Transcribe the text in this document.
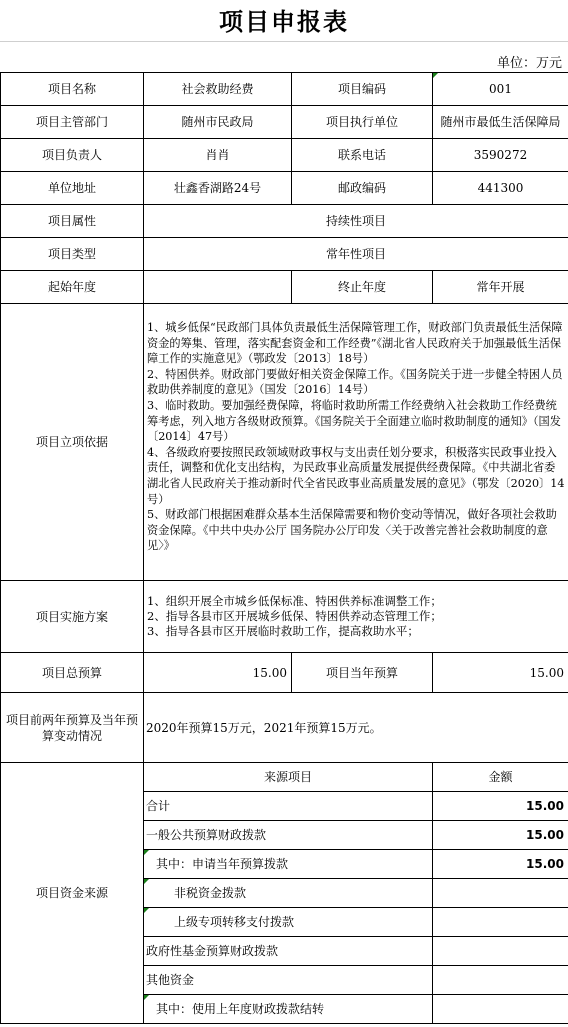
项目申报表
单位：万元
项目名称	社会救助经费	项目编码	001
项目主管部门	随州市民政局	项目执行单位	随州市最低生活保障局
项目负责人	肖肖	联系电话	3590272
单位地址	壮鑫香湖路24号	邮政编码	441300
项目属性	持续性项目		
项目类型	常年性项目		
起始年度		终止年度	常年开展
项目立项依据	1、城乡低保“民政部门具体负责最低生活保障管理工作，财政部门负责最低生活保障资金的筹集、管理，落实配套资金和工作经费”《湖北省人民政府关于加强最低生活保障工作的实施意见》（鄂政发〔2013〕18号）
2、特困供养。财政部门要做好相关资金保障工作。《国务院关于进一步健全特困人员救助供养制度的意见》（国发〔2016〕14号）
3、临时救助。要加强经费保障，将临时救助所需工作经费纳入社会救助工作经费统筹考虑，列入地方各级财政预算。《国务院关于全面建立临时救助制度的通知》（国发〔2014〕47号）
4、各级政府要按照民政领域财政事权与支出责任划分要求，积极落实民政事业投入责任，调整和优化支出结构，为民政事业高质量发展提供经费保障。《中共湖北省委 湖北省人民政府关于推动新时代全省民政事业高质量发展的意见》（鄂发〔2020〕14号）
5、财政部门根据困难群众基本生活保障需要和物价变动等情况，做好各项社会救助资金保障。《中共中央办公厅 国务院办公厅印发〈关于改善完善社会救助制度的意见〉》		
项目实施方案	1、组织开展全市城乡低保标准、特困供养标准调整工作；
2、指导各县市区开展城乡低保、特困供养动态管理工作；
3、指导各县市区开展临时救助工作，提高救助水平；		
项目总预算	15.00	项目当年预算	15.00
项目前两年预算及当年预算变动情况	2020年预算15万元，2021年预算15万元。		
项目资金来源	来源项目		金额
	合计		15.00
	一般公共预算财政拨款		15.00
	其中：申请当年预算拨款		15.00
	非税资金拨款		
	上级专项转移支付拨款		
	政府性基金预算财政拨款		
	其他资金		
	其中：使用上年度财政拨款结转		
